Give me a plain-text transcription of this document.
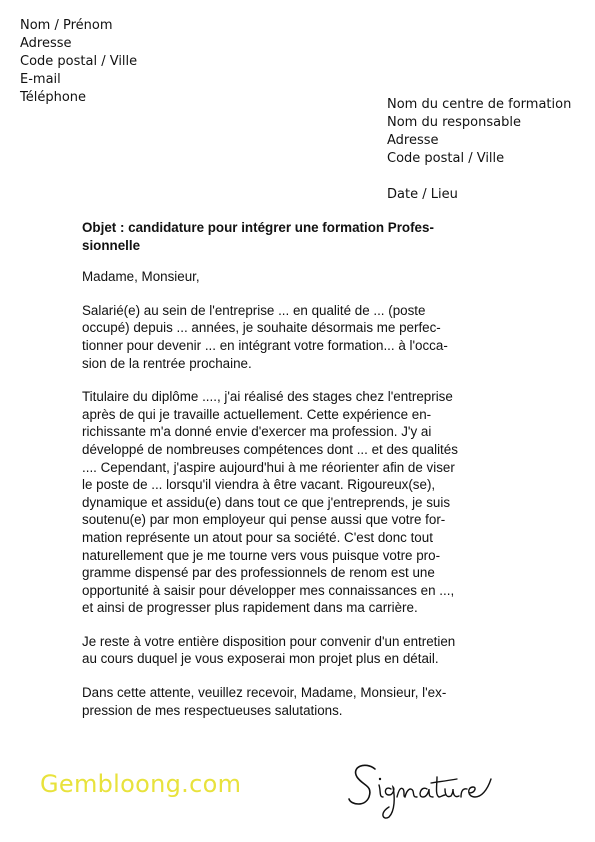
Nom / Prénom
Adresse
Code postal / Ville
E-mail
Téléphone	Nom du centre de formation
Nom du responsable
Adresse
Code postal / Ville
Date / Lieu
Objet : candidature pour intégrer une formation Profes-
sionnelle
Madame, Monsieur,

Salarié(e) au sein de l'entreprise ... en qualité de ... (poste
occupé) depuis ... années, je souhaite désormais me perfec-
tionner pour devenir ... en intégrant votre formation... à l'occa-
sion de la rentrée prochaine.

Titulaire du diplôme ...., j'ai réalisé des stages chez l'entreprise
après de qui je travaille actuellement. Cette expérience en-
richissante m'a donné envie d'exercer ma profession. J'y ai
développé de nombreuses compétences dont ... et des qualités
.... Cependant, j'aspire aujourd'hui à me réorienter afin de viser
le poste de ... lorsqu'il viendra à être vacant. Rigoureux(se),
dynamique et assidu(e) dans tout ce que j'entreprends, je suis
soutenu(e) par mon employeur qui pense aussi que votre for-
mation représente un atout pour sa société. C'est donc tout
naturellement que je me tourne vers vous puisque votre pro-
gramme dispensé par des professionnels de renom est une
opportunité à saisir pour développer mes connaissances en ...,
et ainsi de progresser plus rapidement dans ma carrière.

Je reste à votre entière disposition pour convenir d'un entretien
au cours duquel je vous exposerai mon projet plus en détail.

Dans cette attente, veuillez recevoir, Madame, Monsieur, l'ex-
pression de mes respectueuses salutations.

Gembloong.com
